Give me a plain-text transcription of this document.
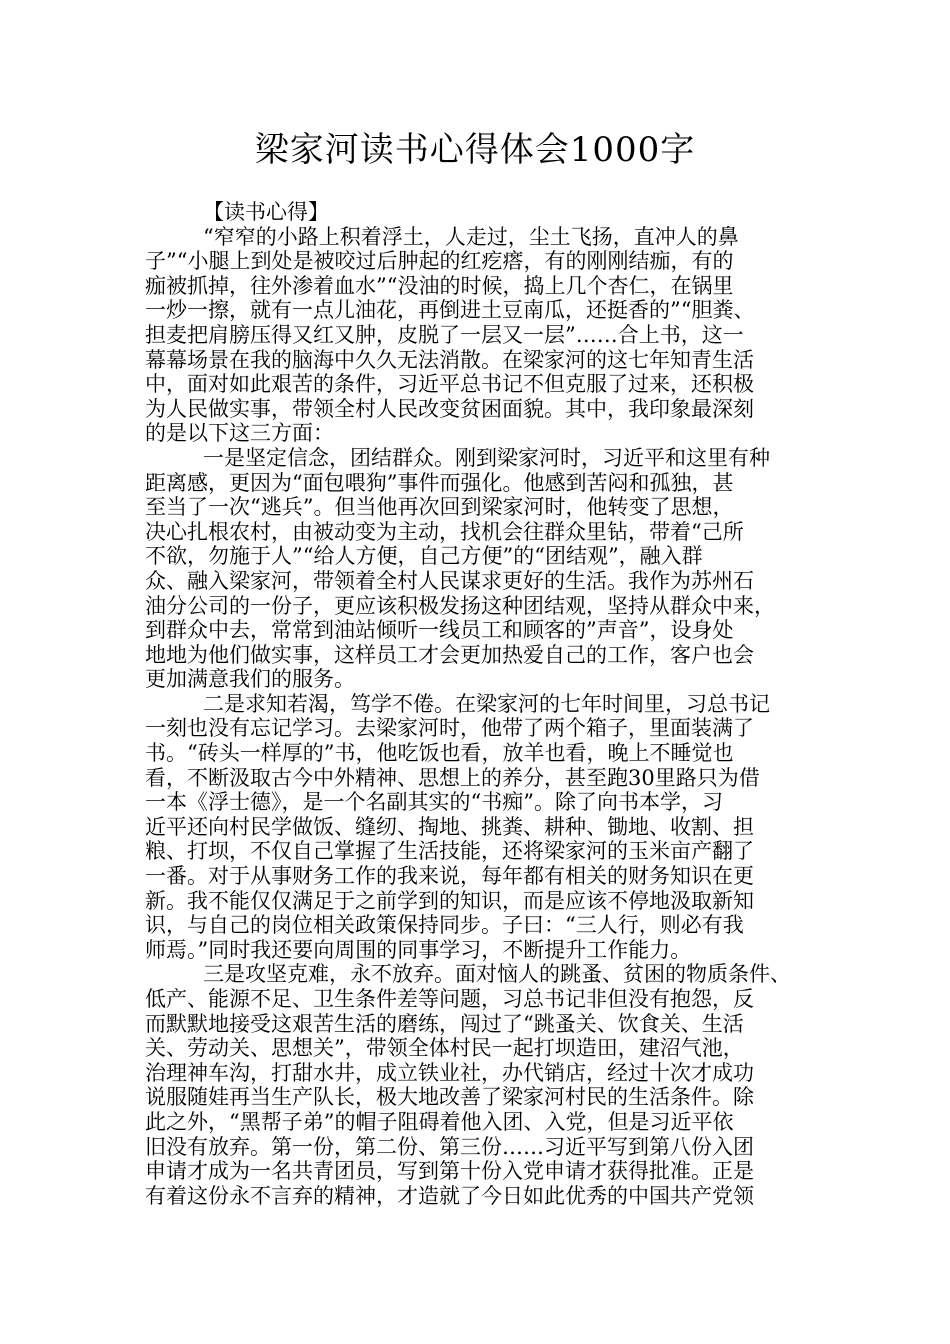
梁家河读书心得体会1000字
【读书心得】
“窄窄的小路上积着浮土，人走过，尘土飞扬，直冲人的鼻
子”“小腿上到处是被咬过后肿起的红疙瘩，有的刚刚结痂，有的
痂被抓掉，往外渗着血水”“没油的时候，捣上几个杏仁，在锅里
一炒一擦，就有一点儿油花，再倒进土豆南瓜，还挺香的”“胆粪、
担麦把肩膀压得又红又肿，皮脱了一层又一层”……合上书，这一
幕幕场景在我的脑海中久久无法消散。在梁家河的这七年知青生活
中，面对如此艰苦的条件，习近平总书记不但克服了过来，还积极
为人民做实事，带领全村人民改变贫困面貌。其中，我印象最深刻
的是以下这三方面：
一是坚定信念，团结群众。刚到梁家河时，习近平和这里有种
距离感，更因为“面包喂狗”事件而强化。他感到苦闷和孤独，甚
至当了一次“逃兵”。但当他再次回到梁家河时，他转变了思想，
决心扎根农村，由被动变为主动，找机会往群众里钻，带着“己所
不欲，勿施于人”“给人方便，自己方便”的“团结观”，融入群
众、融入梁家河，带领着全村人民谋求更好的生活。我作为苏州石
油分公司的一份子，更应该积极发扬这种团结观，坚持从群众中来，
到群众中去，常常到油站倾听一线员工和顾客的”声音”，设身处
地地为他们做实事，这样员工才会更加热爱自己的工作，客户也会
更加满意我们的服务。
二是求知若渴，笃学不倦。在梁家河的七年时间里，习总书记
一刻也没有忘记学习。去梁家河时，他带了两个箱子，里面装满了
书。“砖头一样厚的”书，他吃饭也看，放羊也看，晚上不睡觉也
看，不断汲取古今中外精神、思想上的养分，甚至跑30里路只为借
一本《浮士德》，是一个名副其实的“书痴”。除了向书本学，习
近平还向村民学做饭、缝纫、掏地、挑粪、耕种、锄地、收割、担
粮、打坝，不仅自己掌握了生活技能，还将梁家河的玉米亩产翻了
一番。对于从事财务工作的我来说，每年都有相关的财务知识在更
新。我不能仅仅满足于之前学到的知识，而是应该不停地汲取新知
识，与自己的岗位相关政策保持同步。子曰：“三人行，则必有我
师焉。”同时我还要向周围的同事学习，不断提升工作能力。
三是攻坚克难，永不放弃。面对恼人的跳蚤、贫困的物质条件、
低产、能源不足、卫生条件差等问题，习总书记非但没有抱怨，反
而默默地接受这艰苦生活的磨练，闯过了“跳蚤关、饮食关、生活
关、劳动关、思想关”，带领全体村民一起打坝造田，建沼气池，
治理神车沟，打甜水井，成立铁业社，办代销店，经过十次才成功
说服随娃再当生产队长，极大地改善了梁家河村民的生活条件。除
此之外，“黑帮子弟”的帽子阻碍着他入团、入党，但是习近平依
旧没有放弃。第一份，第二份、第三份……习近平写到第八份入团
申请才成为一名共青团员，写到第十份入党申请才获得批准。正是
有着这份永不言弃的精神，才造就了今日如此优秀的中国共产党领
